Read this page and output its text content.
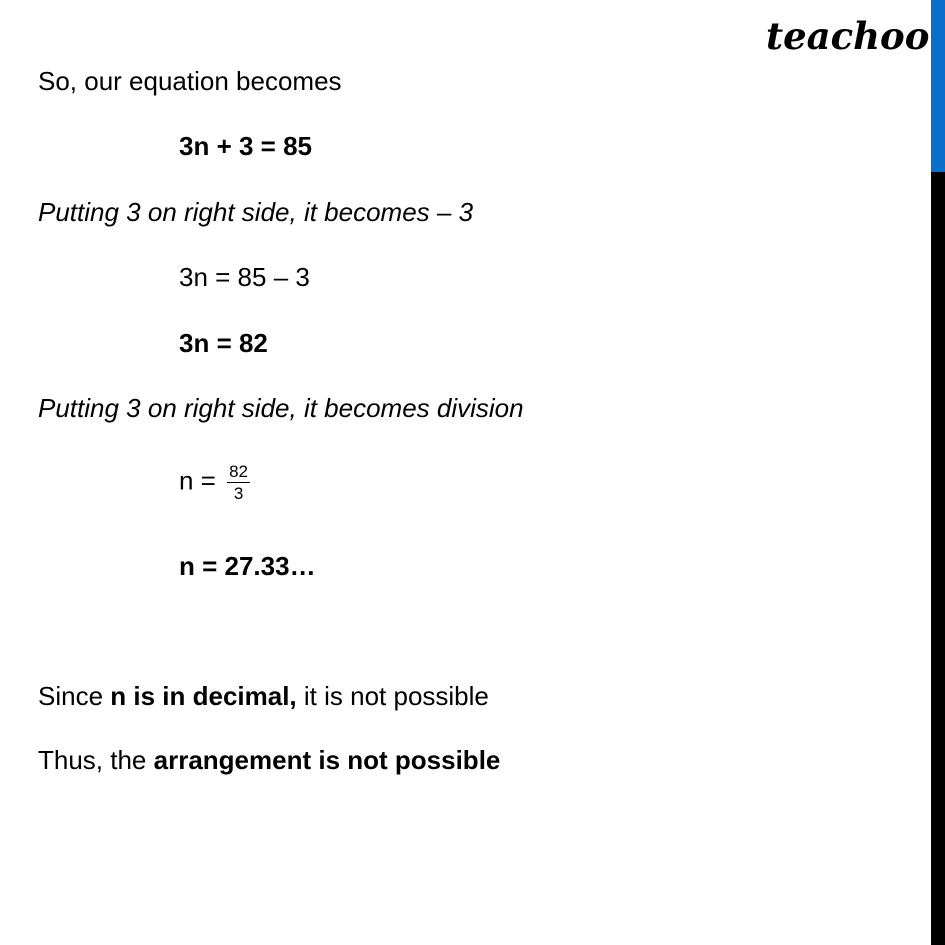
teachoo
So, our equation becomes
3n + 3 = 85
Putting 3 on right side, it becomes – 3
3n = 85 – 3
3n = 82
Putting 3 on right side, it becomes division
$n = \frac{82}{3}$
n = 27.33…
Since n is in decimal, it is not possible
Thus, the arrangement is not possible
